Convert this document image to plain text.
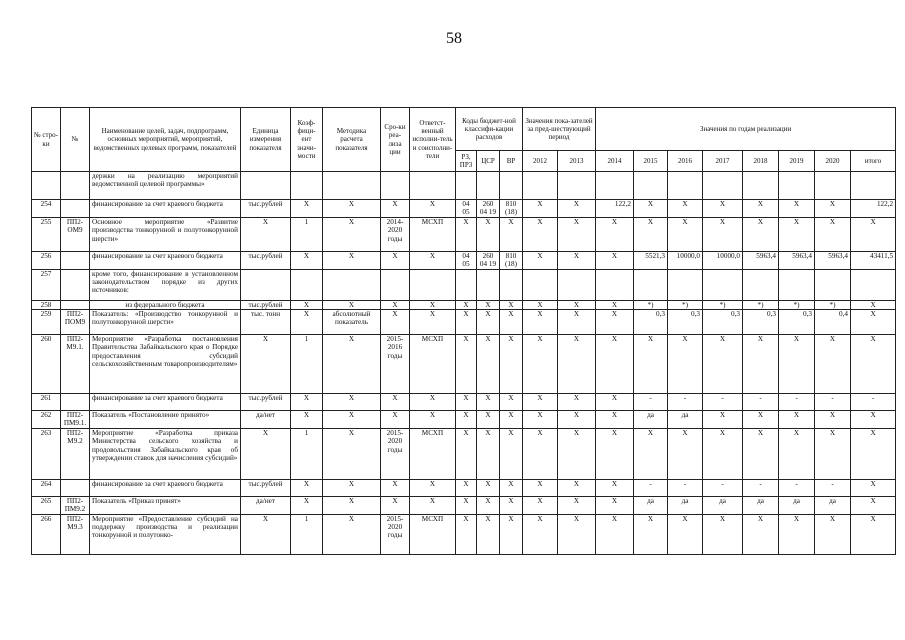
58
№ стро-ки	№	Наименование целей, задач, подпрограмм, основных мероприятий, мероприятий, ведомственных целевых программ, показателей	Единица измерения показателя	Коэф-фици-ент значи-мости	Методика расчета показателя	Сро-ки реа-лиза ции	Ответст-венный исполни-тель и соисполни-тели	Коды бюджет-ной классифи-кации расходов			Значения пока-зателей за пред-шествующий период		Значения по годам реализации							
								РЗ, ПР3	ЦСР	ВР	2012	2013	2014	2015	2016	2017	2018	2019	2020	итого
		держки на реализацию мероприятий ведомственной целевой программы»																		
254		финансирование за счет краевого бюджета	тыс.рублей	X	X	X	X	04 05	260 04 19	810 (18)	X	X	122,2	X	X	X	X	X	X	122,2
255	ПП2-ОМ9	Основное мероприятие «Развитие производства тонкорунной и полутонкорунной шерсти»	X	1	X	2014-2020 годы	МСХП	X	X	X	X	X	X	X	X	X	X	X	X	X
256		финансирование за счет краевого бюджета	тыс.рублей	X	X	X	X	04 05	260 04 19	810 (18)	X	X	X	5521,3	10000,0	10000,0	5963,4	5963,4	5963,4	43411,5
257		кроме того, финансирование в установленном законодательством порядке из других источников:																		
258		из федерального бюджета	тыс.рублей	X	X	X	X	X	X	X	X	X	X	*)	*)	*)	*)	*)	*)	X
259	ПП2-ПОМ9	Показатель: «Производство тонкорунной и полутонкорунной шерсти»	тыс. тонн	X	абсолютный показатель	X	X	X	X	X	X	X	X	0,3	0,3	0,3	0,3	0,3	0,4	X
260	ПП2-М9.1.	Мероприятие «Разработка постановления Правительства Забайкальского края о Порядке предоставления субсидий сельскохозяйственным товаропроизводителям»	X	1	X	2015-2016 годы	МСХП	X	X	X	X	X	X	X	X	X	X	X	X	X
261		финансирование за счет краевого бюджета	тыс.рублей	X	X	X	X	X	X	X	X	X	X	-	-	-	-	-	-	-
262	ПП2-ПМ9.1.	Показатель «Постановление принято»	да/нет	X	X	X	X	X	X	X	X	X	X	да	да	X	X	X	X	X
263	ПП2-М9.2	Мероприятие «Разработка приказа Министерства сельского хозяйства и продовольствия Забайкальского края об утверждении ставок для начисления субсидий»	X	1	X	2015-2020 годы	МСХП	X	X	X	X	X	X	X	X	X	X	X	X	X
264		финансирование за счет краевого бюджета	тыс.рублей	X	X	X	X	X	X	X	X	X	X	-	-	-	-	-	-	X
265	ПП2-ПМ9.2	Показатель «Приказ принят»	да/нет	X	X	X	X	X	X	X	X	X	X	да	да	да	да	да	да	X
266	ПП2-М9.3	Мероприятие «Предоставление субсидий на поддержку производства и реализации тонкорунной и полутонко-	X	1	X	2015-2020 годы	МСХП	X	X	X	X	X	X	X	X	X	X	X	X	X
